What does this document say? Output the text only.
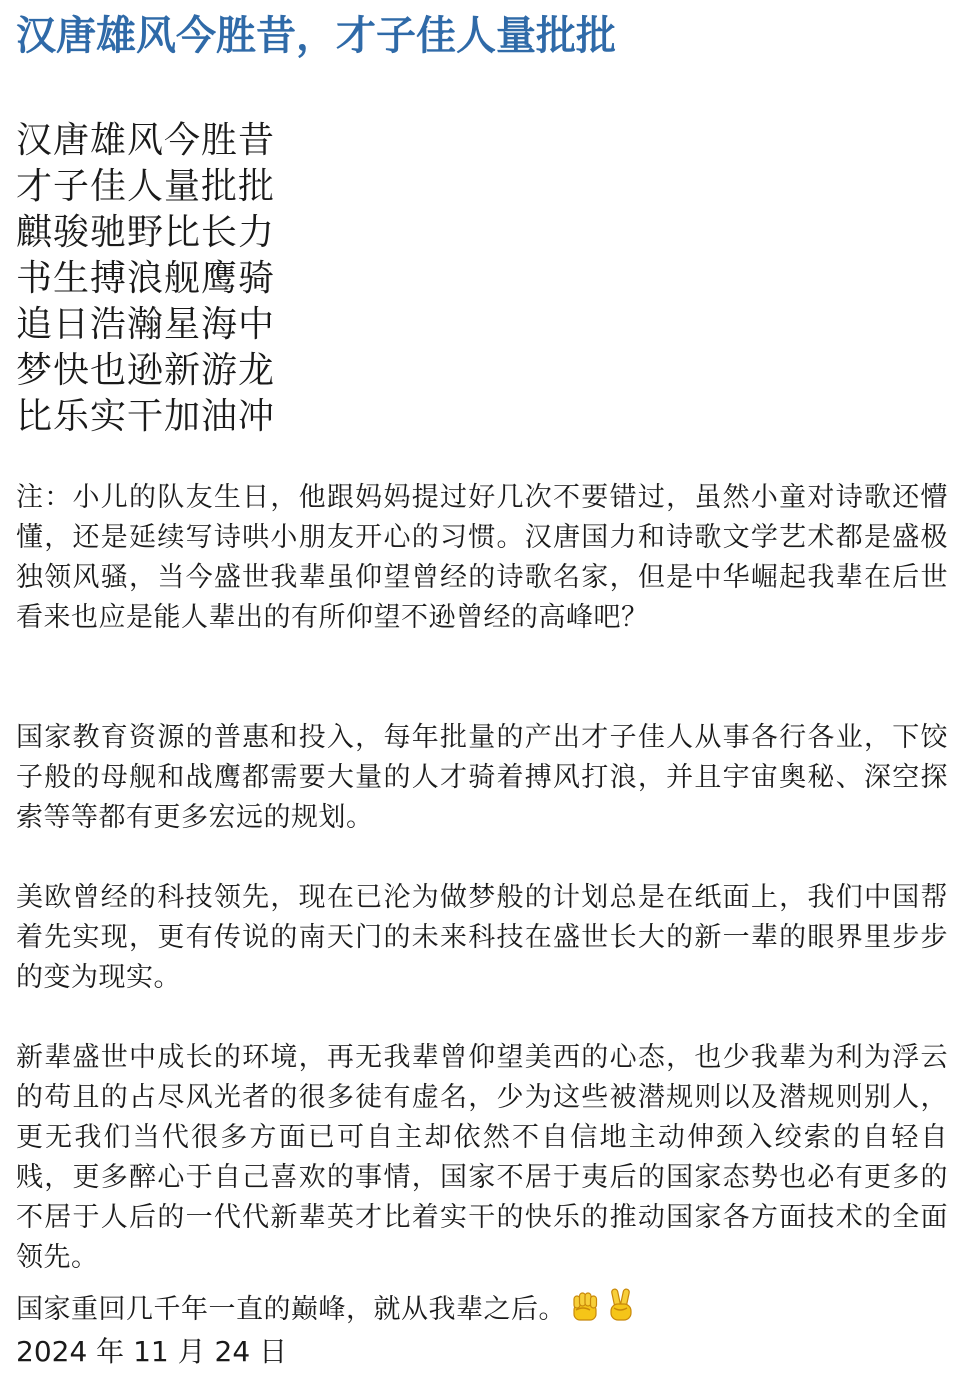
汉唐雄风今胜昔，才子佳人量批批
汉唐雄风今胜昔
才子佳人量批批
麒骏驰野比长力
书生搏浪舰鹰骑
追日浩瀚星海中
梦快也逊新游龙
比乐实干加油冲

注：小儿的队友生日，他跟妈妈提过好几次不要错过，虽然小童对诗歌还懵懂，还是延续写诗哄小朋友开心的习惯。汉唐国力和诗歌文学艺术都是盛极独领风骚，当今盛世我辈虽仰望曾经的诗歌名家，但是中华崛起我辈在后世看来也应是能人辈出的有所仰望不逊曾经的高峰吧？

国家教育资源的普惠和投入，每年批量的产出才子佳人从事各行各业，下饺子般的母舰和战鹰都需要大量的人才骑着搏风打浪，并且宇宙奥秘、深空探索等等都有更多宏远的规划。

美欧曾经的科技领先，现在已沦为做梦般的计划总是在纸面上，我们中国帮着先实现，更有传说的南天门的未来科技在盛世长大的新一辈的眼界里步步的变为现实。

新辈盛世中成长的环境，再无我辈曾仰望美西的心态，也少我辈为利为浮云的苟且的占尽风光者的很多徒有虚名，少为这些被潜规则以及潜规则别人，更无我们当代很多方面已可自主却依然不自信地主动伸颈入绞索的自轻自贱，更多醉心于自己喜欢的事情，国家不居于夷后的国家态势也必有更多的不居于人后的一代代新辈英才比着实干的快乐的推动国家各方面技术的全面领先。

国家重回几千年一直的巅峰，就从我辈之后。

2024 年 11 月 24 日
